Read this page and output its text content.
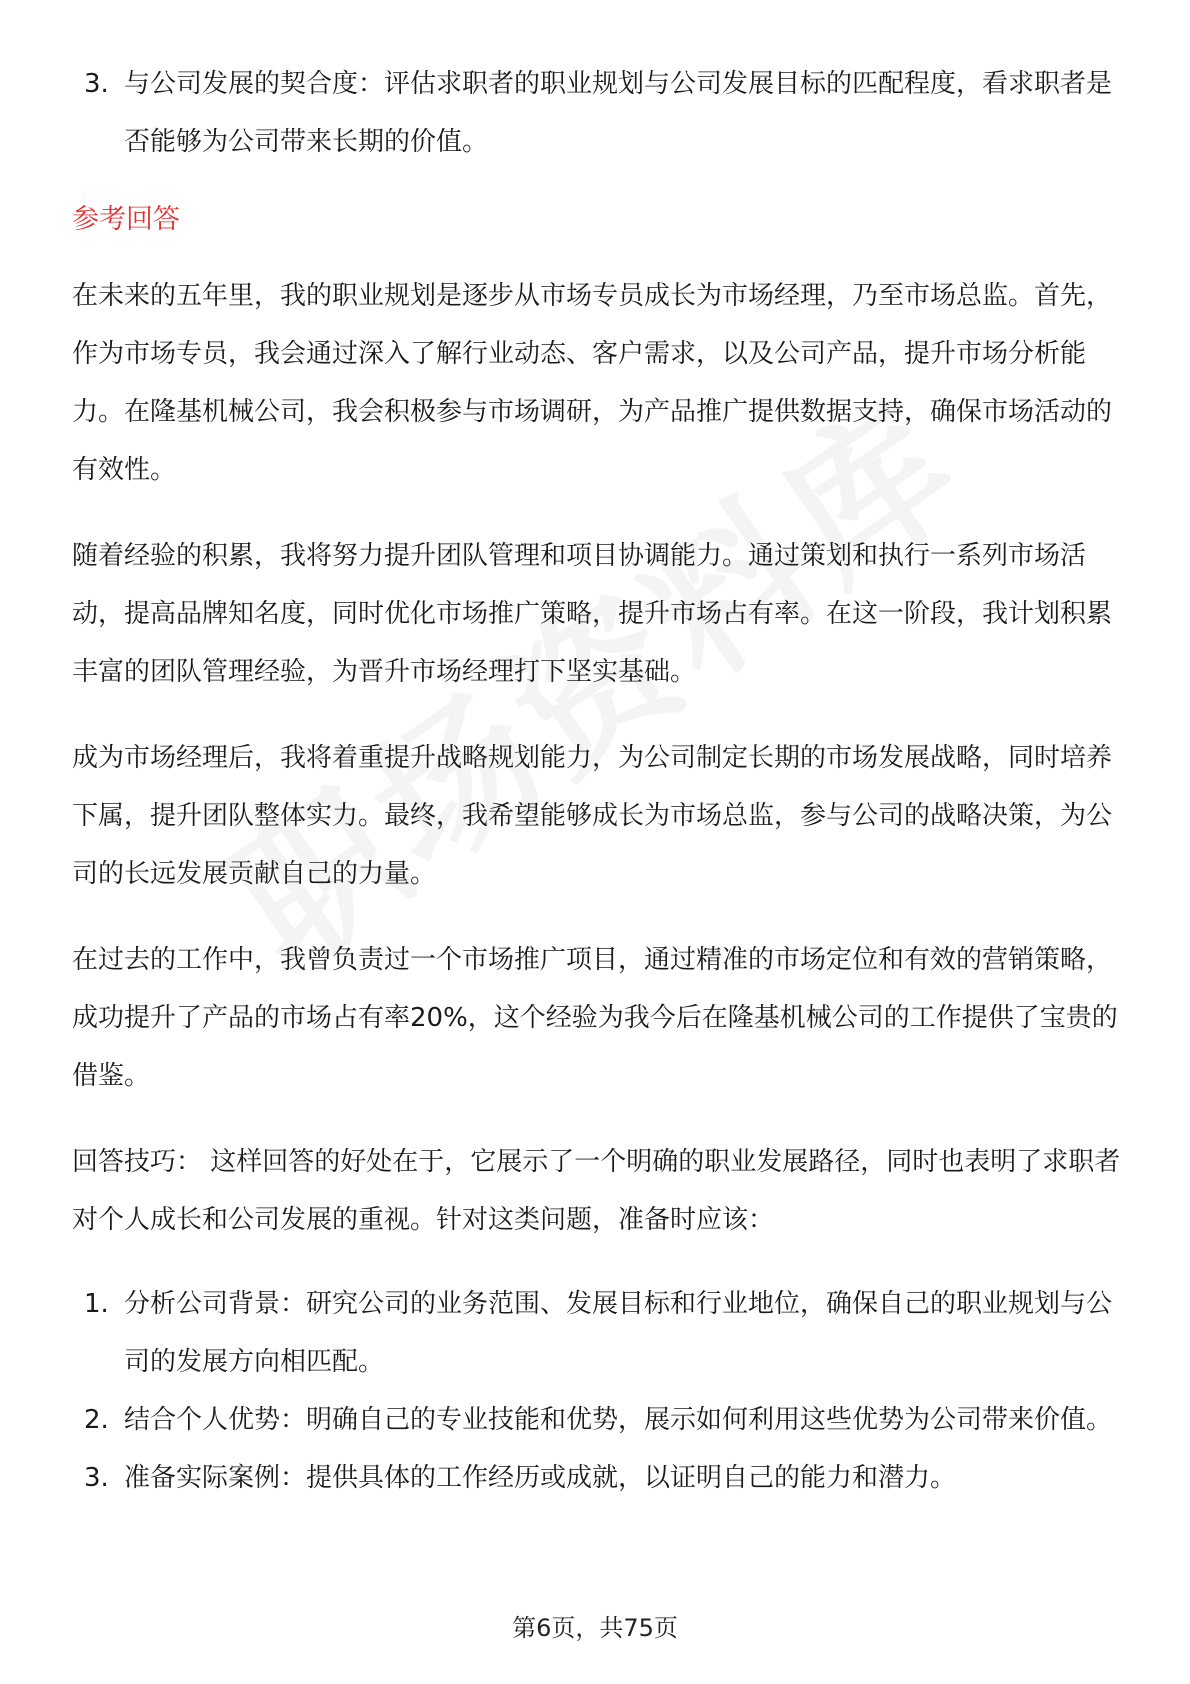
3. 与公司发展的契合度：评估求职者的职业规划与公司发展目标的匹配程度，看求职者是否能够为公司带来长期的价值。
参考回答

在未来的五年里，我的职业规划是逐步从市场专员成长为市场经理，乃至市场总监。首先，作为市场专员，我会通过深入了解行业动态、客户需求，以及公司产品，提升市场分析能力。在隆基机械公司，我会积极参与市场调研，为产品推广提供数据支持，确保市场活动的有效性。

随着经验的积累，我将努力提升团队管理和项目协调能力。通过策划和执行一系列市场活动，提高品牌知名度，同时优化市场推广策略，提升市场占有率。在这一阶段，我计划积累丰富的团队管理经验，为晋升市场经理打下坚实基础。

成为市场经理后，我将着重提升战略规划能力，为公司制定长期的市场发展战略，同时培养下属，提升团队整体实力。最终，我希望能够成长为市场总监，参与公司的战略决策，为公司的长远发展贡献自己的力量。

在过去的工作中，我曾负责过一个市场推广项目，通过精准的市场定位和有效的营销策略，成功提升了产品的市场占有率20%，这个经验为我今后在隆基机械公司的工作提供了宝贵的借鉴。

回答技巧： 这样回答的好处在于，它展示了一个明确的职业发展路径，同时也表明了求职者对个人成长和公司发展的重视。针对这类问题，准备时应该：

1. 分析公司背景：研究公司的业务范围、发展目标和行业地位，确保自己的职业规划与公司的发展方向相匹配。
2. 结合个人优势：明确自己的专业技能和优势，展示如何利用这些优势为公司带来价值。
3. 准备实际案例：提供具体的工作经历或成就，以证明自己的能力和潜力。
第6页，共75页
